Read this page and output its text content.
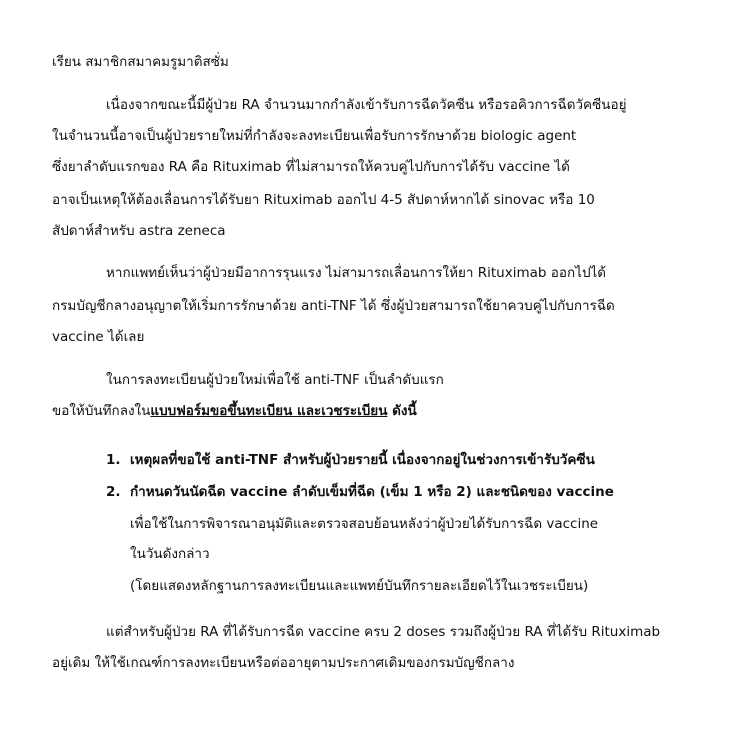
เรียน สมาชิกสมาคมรูมาติสซั่ม
เนื่องจากขณะนี้มีผู้ป่วย RA จำนวนมากกำลังเข้ารับการฉีดวัคซีน หรือรอคิวการฉีดวัคซีนอยู่
ในจำนวนนี้อาจเป็นผู้ป่วยรายใหม่ที่กำลังจะลงทะเบียนเพื่อรับการรักษาด้วย biologic agent
ซึ่งยาลำดับแรกของ RA คือ Rituximab ที่ไม่สามารถให้ควบคู่ไปกับการได้รับ vaccine ได้
อาจเป็นเหตุให้ต้องเลื่อนการได้รับยา Rituximab ออกไป 4-5 สัปดาห์หากได้ sinovac หรือ 10
สัปดาห์สำหรับ astra zeneca
หากแพทย์เห็นว่าผู้ป่วยมีอาการรุนแรง ไม่สามารถเลื่อนการให้ยา Rituximab ออกไปได้
กรมบัญชีกลางอนุญาตให้เริ่มการรักษาด้วย anti-TNF ได้ ซึ่งผู้ป่วยสามารถใช้ยาควบคู่ไปกับการฉีด
vaccine ได้เลย
ในการลงทะเบียนผู้ป่วยใหม่เพื่อใช้ anti-TNF เป็นลำดับแรก
ขอให้บันทึกลงในแบบฟอร์มขอขึ้นทะเบียน และเวชระเบียน ดังนี้
1. เหตุผลที่ขอใช้ anti-TNF สำหรับผู้ป่วยรายนี้ เนื่องจากอยู่ในช่วงการเข้ารับวัคซีน
2. กำหนดวันนัดฉีด vaccine ลำดับเข็มที่ฉีด (เข็ม 1 หรือ 2) และชนิดของ vaccine
เพื่อใช้ในการพิจารณาอนุมัติและตรวจสอบย้อนหลังว่าผู้ป่วยได้รับการฉีด vaccine
ในวันดังกล่าว
(โดยแสดงหลักฐานการลงทะเบียนและแพทย์บันทึกรายละเอียดไว้ในเวชระเบียน)
แต่สำหรับผู้ป่วย RA ที่ได้รับการฉีด vaccine ครบ 2 doses รวมถึงผู้ป่วย RA ที่ได้รับ Rituximab
อยู่เดิม ให้ใช้เกณฑ์การลงทะเบียนหรือต่ออายุตามประกาศเดิมของกรมบัญชีกลาง
